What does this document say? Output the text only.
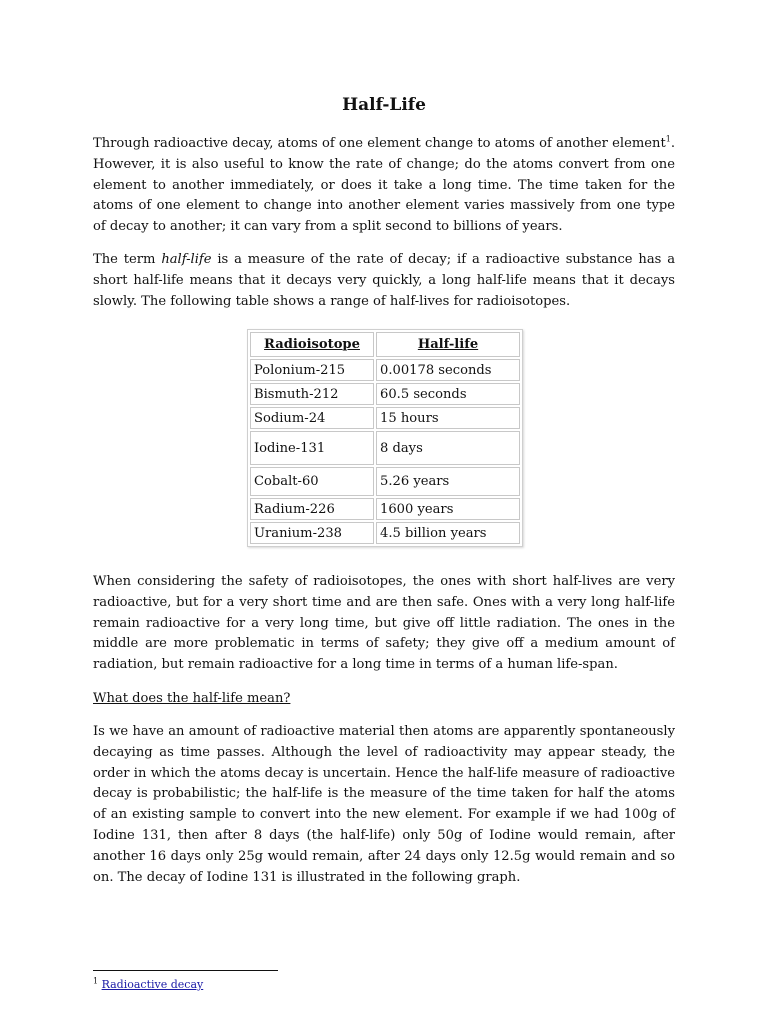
Half-Life

Through radioactive decay, atoms of one element change to atoms of another element$^1$. However, it is also useful to know the rate of change; do the atoms convert from one element to another immediately, or does it take a long time. The time taken for the atoms of one element to change into another element varies massively from one type of decay to another; it can vary from a split second to billions of years.

The term half-life is a measure of the rate of decay; if a radioactive substance has a short half-life means that it decays very quickly, a long half-life means that it decays slowly. The following table shows a range of half-lives for radioisotopes.

Radioisotope	Half-life
Polonium-215	0.00178 seconds
Bismuth-212	60.5 seconds
Sodium-24	15 hours
Iodine-131	8 days
Cobalt-60	5.26 years
Radium-226	1600 years
Uranium-238	4.5 billion years

When considering the safety of radioisotopes, the ones with short half-lives are very radioactive, but for a very short time and are then safe. Ones with a very long half-life remain radioactive for a very long time, but give off little radiation. The ones in the middle are more problematic in terms of safety; they give off a medium amount of radiation, but remain radioactive for a long time in terms of a human life-span.

What does the half-life mean?

Is we have an amount of radioactive material then atoms are apparently spontaneously decaying as time passes. Although the level of radioactivity may appear steady, the order in which the atoms decay is uncertain. Hence the half-life measure of radioactive decay is probabilistic; the half-life is the measure of the time taken for half the atoms of an existing sample to convert into the new element. For example if we had 100g of Iodine 131, then after 8 days (the half-life) only 50g of Iodine would remain, after another 16 days only 25g would remain, after 24 days only 12.5g would remain and so on. The decay of Iodine 131 is illustrated in the following graph.

$^1$ Radioactive decay
